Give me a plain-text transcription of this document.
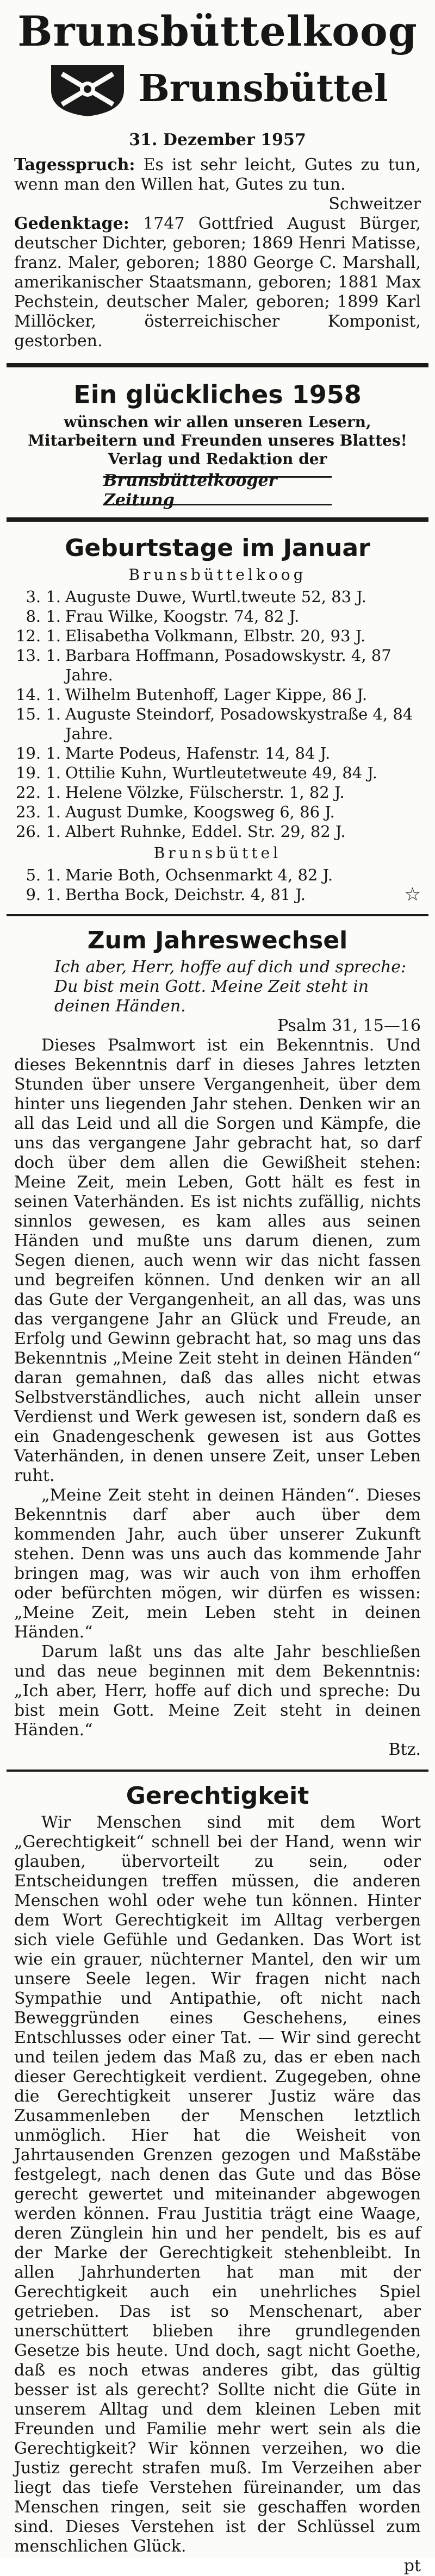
Brunsbüttelkoog
Brunsbüttel
31. Dezember 1957
Tagesspruch: Es ist sehr leicht, Gutes zu tun, wenn man den Willen hat, Gutes zu tun.
Schweitzer
Gedenktage: 1747 Gottfried August Bürger, deutscher Dichter, geboren; 1869 Henri Matisse, franz. Maler, geboren; 1880 George C. Marshall, amerikanischer Staatsmann, geboren; 1881 Max Pechstein, deutscher Maler, geboren; 1899 Karl Millöcker, österreichischer Komponist, gestorben.
Ein glückliches 1958
wünschen wir allen unseren Lesern, Mitarbeitern und Freunden unseres Blattes!
Verlag und Redaktion der
Brunsbüttelkooger Zeitung
Geburtstage im Januar
Brunsbüttelkoog
3. 1. Auguste Duwe, Wurtl.tweute 52, 83 J.
8. 1. Frau Wilke, Koogstr. 74, 82 J.
12. 1. Elisabetha Volkmann, Elbstr. 20, 93 J.
13. 1. Barbara Hoffmann, Posadowskystr. 4, 87 Jahre.
14. 1. Wilhelm Butenhoff, Lager Kippe, 86 J.
15. 1. Auguste Steindorf, Posadowskystraße 4, 84 Jahre.
19. 1. Marte Podeus, Hafenstr. 14, 84 J.
19. 1. Ottilie Kuhn, Wurtleutetweute 49, 84 J.
22. 1. Helene Völzke, Fülscherstr. 1, 82 J.
23. 1. August Dumke, Koogsweg 6, 86 J.
26. 1. Albert Ruhnke, Eddel. Str. 29, 82 J.
Brunsbüttel
5. 1. Marie Both, Ochsenmarkt 4, 82 J.
9. 1. Bertha Bock, Deichstr. 4, 81 J.	☆
Zum Jahreswechsel
Ich aber, Herr, hoffe auf dich und spreche: Du bist mein Gott. Meine Zeit steht in deinen Händen.
Psalm 31, 15—16
Dieses Psalmwort ist ein Bekenntnis. Und dieses Bekenntnis darf in dieses Jahres letzten Stunden über unsere Vergangenheit, über dem hinter uns liegenden Jahr stehen. Denken wir an all das Leid und all die Sorgen und Kämpfe, die uns das vergangene Jahr gebracht hat, so darf doch über dem allen die Gewißheit stehen: Meine Zeit, mein Leben, Gott hält es fest in seinen Vaterhänden. Es ist nichts zufällig, nichts sinnlos gewesen, es kam alles aus seinen Händen und mußte uns darum dienen, zum Segen dienen, auch wenn wir das nicht fassen und begreifen können. Und denken wir an all das Gute der Vergangenheit, an all das, was uns das vergangene Jahr an Glück und Freude, an Erfolg und Gewinn gebracht hat, so mag uns das Bekenntnis „Meine Zeit steht in deinen Händen“ daran gemahnen, daß das alles nicht etwas Selbstverständliches, auch nicht allein unser Verdienst und Werk gewesen ist, sondern daß es ein Gnadengeschenk gewesen ist aus Gottes Vaterhänden, in denen unsere Zeit, unser Leben ruht.
„Meine Zeit steht in deinen Händen“. Dieses Bekenntnis darf aber auch über dem kommenden Jahr, auch über unserer Zukunft stehen. Denn was uns auch das kommende Jahr bringen mag, was wir auch von ihm erhoffen oder befürchten mögen, wir dürfen es wissen: „Meine Zeit, mein Leben steht in deinen Händen.“
Darum laßt uns das alte Jahr beschließen und das neue beginnen mit dem Bekenntnis: „Ich aber, Herr, hoffe auf dich und spreche: Du bist mein Gott. Meine Zeit steht in deinen Händen.“
Btz.
Gerechtigkeit
Wir Menschen sind mit dem Wort „Gerechtigkeit“ schnell bei der Hand, wenn wir glauben, übervorteilt zu sein, oder Entscheidungen treffen müssen, die anderen Menschen wohl oder wehe tun können. Hinter dem Wort Gerechtigkeit im Alltag verbergen sich viele Gefühle und Gedanken. Das Wort ist wie ein grauer, nüchterner Mantel, den wir um unsere Seele legen. Wir fragen nicht nach Sympathie und Antipathie, oft nicht nach Beweggründen eines Geschehens, eines Entschlusses oder einer Tat. — Wir sind gerecht und teilen jedem das Maß zu, das er eben nach dieser Gerechtigkeit verdient. Zugegeben, ohne die Gerechtigkeit unserer Justiz wäre das Zusammenleben der Menschen letztlich unmöglich. Hier hat die Weisheit von Jahrtausenden Grenzen gezogen und Maßstäbe festgelegt, nach denen das Gute und das Böse gerecht gewertet und miteinander abgewogen werden können. Frau Justitia trägt eine Waage, deren Zünglein hin und her pendelt, bis es auf der Marke der Gerechtigkeit stehenbleibt. In allen Jahrhunderten hat man mit der Gerechtigkeit auch ein unehrliches Spiel getrieben. Das ist so Menschenart, aber unerschüttert blieben ihre grundlegenden Gesetze bis heute. Und doch, sagt nicht Goethe, daß es noch etwas anderes gibt, das gültig besser ist als gerecht? Sollte nicht die Güte in unserem Alltag und dem kleinen Leben mit Freunden und Familie mehr wert sein als die Gerechtigkeit? Wir können verzeihen, wo die Justiz gerecht strafen muß. Im Verzeihen aber liegt das tiefe Verstehen füreinander, um das Menschen ringen, seit sie geschaffen worden sind. Dieses Verstehen ist der Schlüssel zum menschlichen Glück.
pt
